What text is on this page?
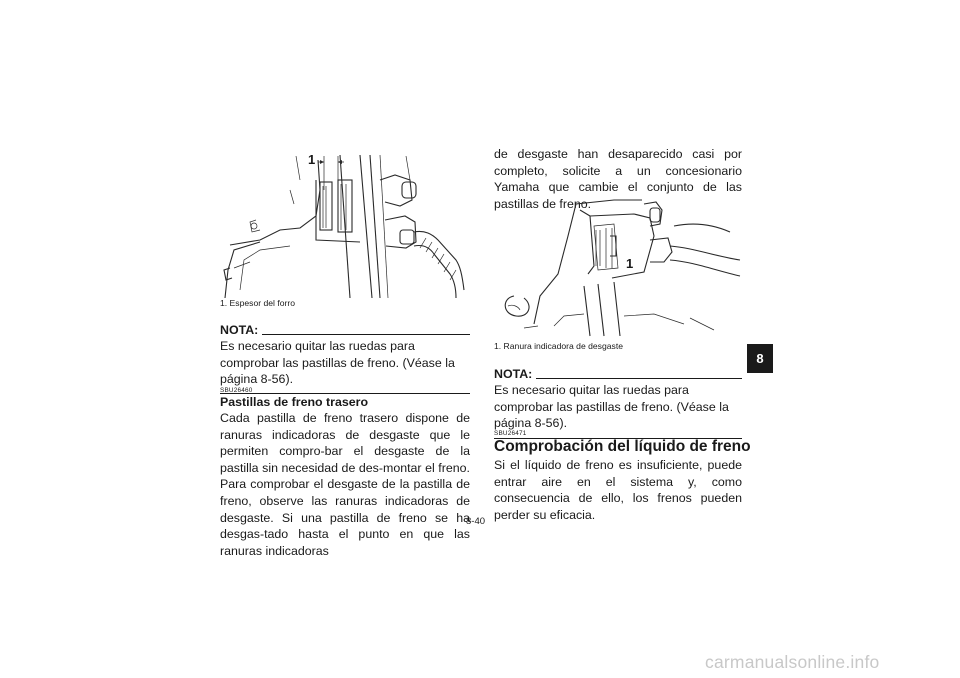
1
1. Espesor del forro
NOTA:

Es necesario quitar las ruedas para comprobar las pastillas de freno. (Véase la página 8-56).

SBU26460
Pastillas de freno trasero

Cada pastilla de freno trasero dispone de ranuras indicadoras de desgaste que le permiten compro-bar el desgaste de la pastilla sin necesidad de des-montar el freno. Para comprobar el desgaste de la pastilla de freno, observe las ranuras indicadoras de desgaste. Si una pastilla de freno se ha desgas-tado hasta el punto en que las ranuras indicadoras

de desgaste han desaparecido casi por completo, solicite a un concesionario Yamaha que cambie el conjunto de las pastillas de freno.

1
1. Ranura indicadora de desgaste
NOTA:

Es necesario quitar las ruedas para comprobar las pastillas de freno. (Véase la página 8-56).

SBU26471
Comprobación del líquido de freno

Si el líquido de freno es insuficiente, puede entrar aire en el sistema y, como consecuencia de ello, los frenos pueden perder su eficacia.

8
8-40
carmanualsonline.info
